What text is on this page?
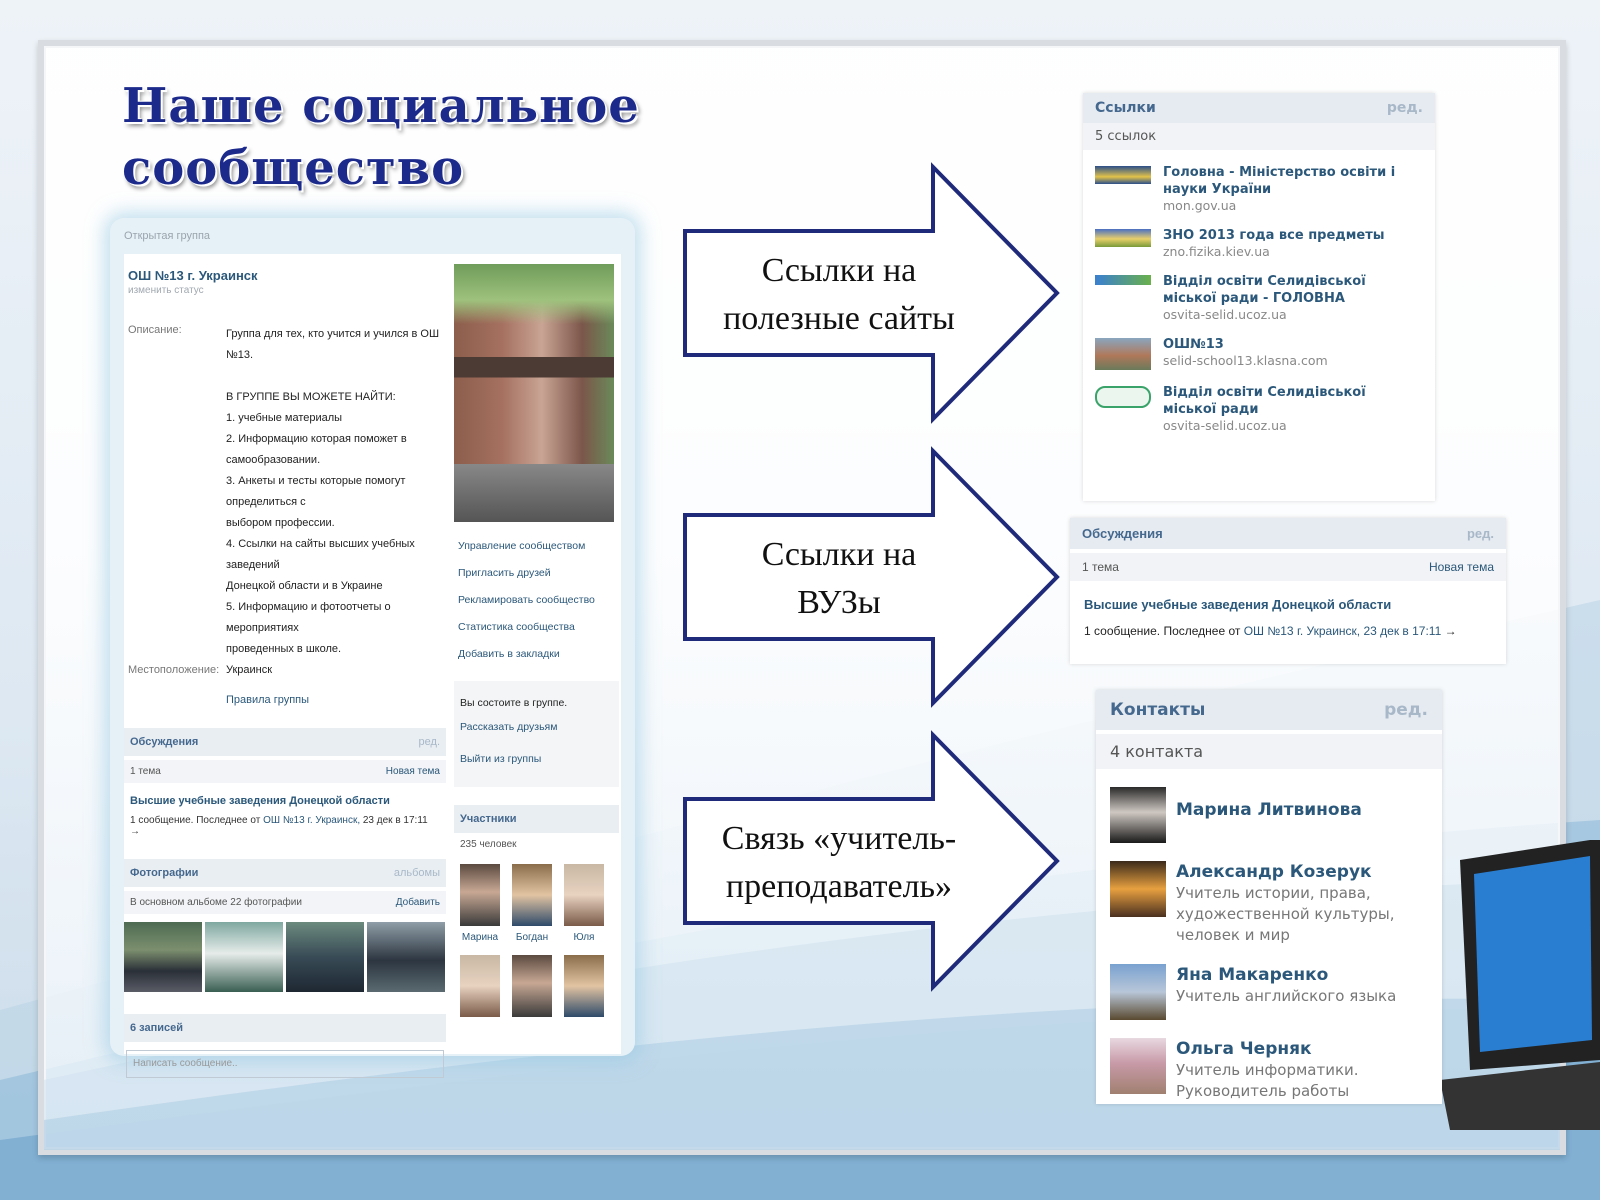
Наше социальное
сообщество
Открытая группа
ОШ №13 г. Украинск
изменить статус
Описание:	Группа для тех, кто учится и учился в ОШ №13.
В ГРУППЕ ВЫ МОЖЕТЕ НАЙТИ:
1. учебные материалы
2. Информацию которая поможет в
самообразовании.
3. Анкеты и тесты которые помогут определиться с
выбором профессии.
4. Ссылки на сайты высших учебных заведений
Донецкой области и в Украине
5. Информацию и фотоотчеты о мероприятиях
проведенных в школе.
Местоположение: Украинск
Правила группы
Обсуждения	ред.
1 тема	Новая тема
Высшие учебные заведения Донецкой области
1 сообщение. Последнее от ОШ №13 г. Украинск, 23 дек в 17:11 →
Фотографии	альбомы
В основном альбоме 22 фотографии	Добавить
6 записей
Написать сообщение..
Управление сообществом
Пригласить друзей
Рекламировать сообщество
Статистика сообщества
Добавить в закладки
Вы состоите в группе.
Рассказать друзьям
Выйти из группы
Участники
235 человек
Марина	Богдан	Юля
Ссылки на
полезные сайты
Ссылки на
ВУЗы
Связь «учитель-
преподаватель»
Ссылки	ред.
5 ссылок
Головна - Міністерство освіти і науки України
mon.gov.ua
ЗНО 2013 года все предметы
zno.fizika.kiev.ua
Відділ освіти Селидівської міської ради - ГОЛОВНА
osvita-selid.ucoz.ua
ОШ№13
selid-school13.klasna.com
Відділ освіти Селидівської міської ради
osvita-selid.ucoz.ua
Обсуждения	ред.
1 тема	Новая тема
Высшие учебные заведения Донецкой области
1 сообщение. Последнее от ОШ №13 г. Украинск, 23 дек в 17:11 →
Контакты	ред.
4 контакта
Марина Литвинова
Александр Козерук
Учитель истории, права, художественной культуры, человек и мир
Яна Макаренко
Учитель английского языка
Ольга Черняк
Учитель информатики. Руководитель работы
